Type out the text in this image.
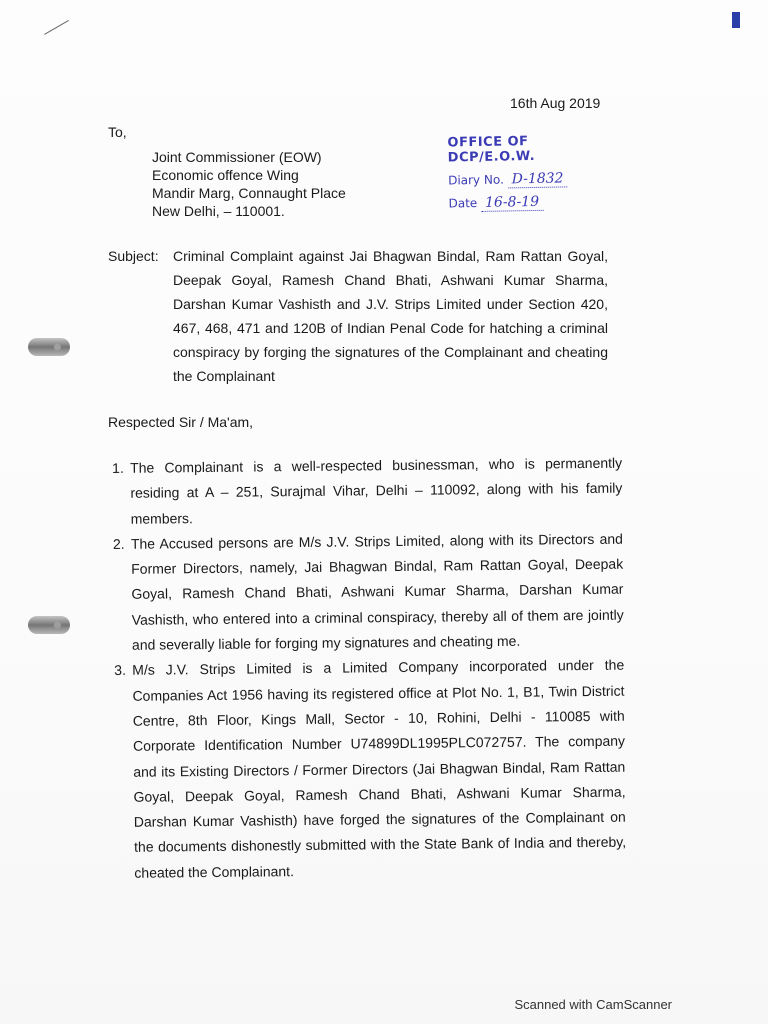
16th Aug 2019
To,
Joint Commissioner (EOW)
Economic offence Wing
Mandir Marg, Connaught Place
New Delhi, – 110001.
OFFICE OF DCP/E.O.W.
Diary No. D-1832
Date 16-8-19
Subject: Criminal Complaint against Jai Bhagwan Bindal, Ram Rattan Goyal, Deepak Goyal, Ramesh Chand Bhati, Ashwani Kumar Sharma, Darshan Kumar Vashisth and J.V. Strips Limited under Section 420, 467, 468, 471 and 120B of Indian Penal Code for hatching a criminal conspiracy by forging the signatures of the Complainant and cheating the Complainant
Respected Sir / Ma'am,
1. The Complainant is a well-respected businessman, who is permanently residing at A – 251, Surajmal Vihar, Delhi – 110092, along with his family members.
2. The Accused persons are M/s J.V. Strips Limited, along with its Directors and Former Directors, namely, Jai Bhagwan Bindal, Ram Rattan Goyal, Deepak Goyal, Ramesh Chand Bhati, Ashwani Kumar Sharma, Darshan Kumar Vashisth, who entered into a criminal conspiracy, thereby all of them are jointly and severally liable for forging my signatures and cheating me.
3. M/s J.V. Strips Limited is a Limited Company incorporated under the Companies Act 1956 having its registered office at Plot No. 1, B1, Twin District Centre, 8th Floor, Kings Mall, Sector - 10, Rohini, Delhi - 110085 with Corporate Identification Number U74899DL1995PLC072757. The company and its Existing Directors / Former Directors (Jai Bhagwan Bindal, Ram Rattan Goyal, Deepak Goyal, Ramesh Chand Bhati, Ashwani Kumar Sharma, Darshan Kumar Vashisth) have forged the signatures of the Complainant on the documents dishonestly submitted with the State Bank of India and thereby, cheated the Complainant.
Scanned with CamScanner
